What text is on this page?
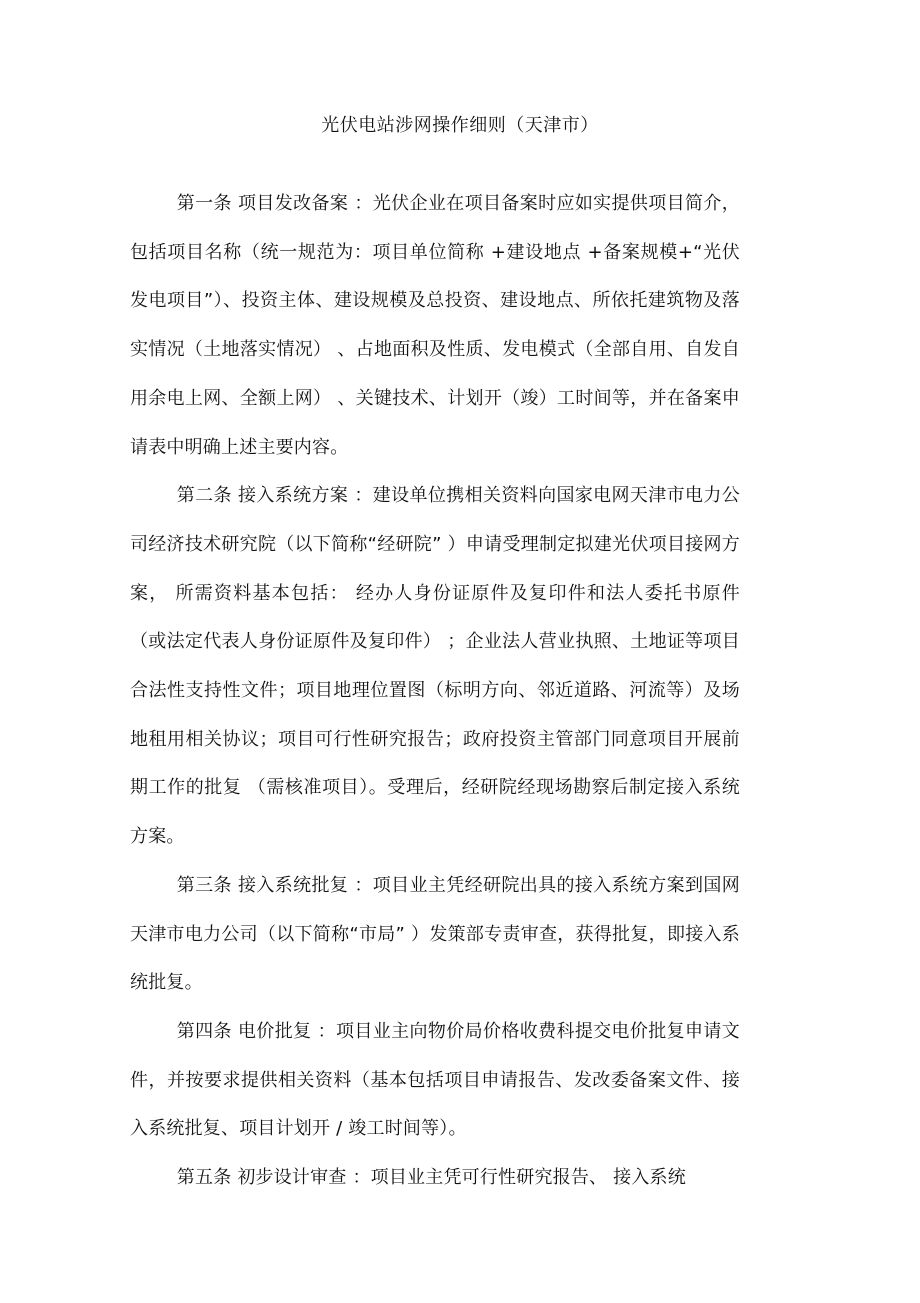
光伏电站涉网操作细则（天津市）

第一条 项目发改备案 ：光伏企业在项目备案时应如实提供项目简介，包括项目名称（统一规范为：项目单位简称 +建设地点 +备案规模+“光伏发电项目”）、投资主体、建设规模及总投资、建设地点、所依托建筑物及落实情况（土地落实情况） 、占地面积及性质、发电模式（全部自用、自发自用余电上网、全额上网） 、关键技术、计划开（竣）工时间等，并在备案申请表中明确上述主要内容。

第二条 接入系统方案 ：建设单位携相关资料向国家电网天津市电力公司经济技术研究院（以下简称“经研院” ）申请受理制定拟建光伏项目接网方案， 所需资料基本包括： 经办人身份证原件及复印件和法人委托书原件（或法定代表人身份证原件及复印件） ；企业法人营业执照、土地证等项目合法性支持性文件；项目地理位置图（标明方向、邻近道路、河流等）及场地租用相关协议；项目可行性研究报告；政府投资主管部门同意项目开展前期工作的批复 （需核准项目）。受理后，经研院经现场勘察后制定接入系统方案。

第三条 接入系统批复 ：项目业主凭经研院出具的接入系统方案到国网天津市电力公司（以下简称“市局” ）发策部专责审查，获得批复，即接入系统批复。

第四条 电价批复 ：项目业主向物价局价格收费科提交电价批复申请文件，并按要求提供相关资料（基本包括项目申请报告、发改委备案文件、接入系统批复、项目计划开 / 竣工时间等）。

第五条 初步设计审查 ：项目业主凭可行性研究报告、 接入系统
